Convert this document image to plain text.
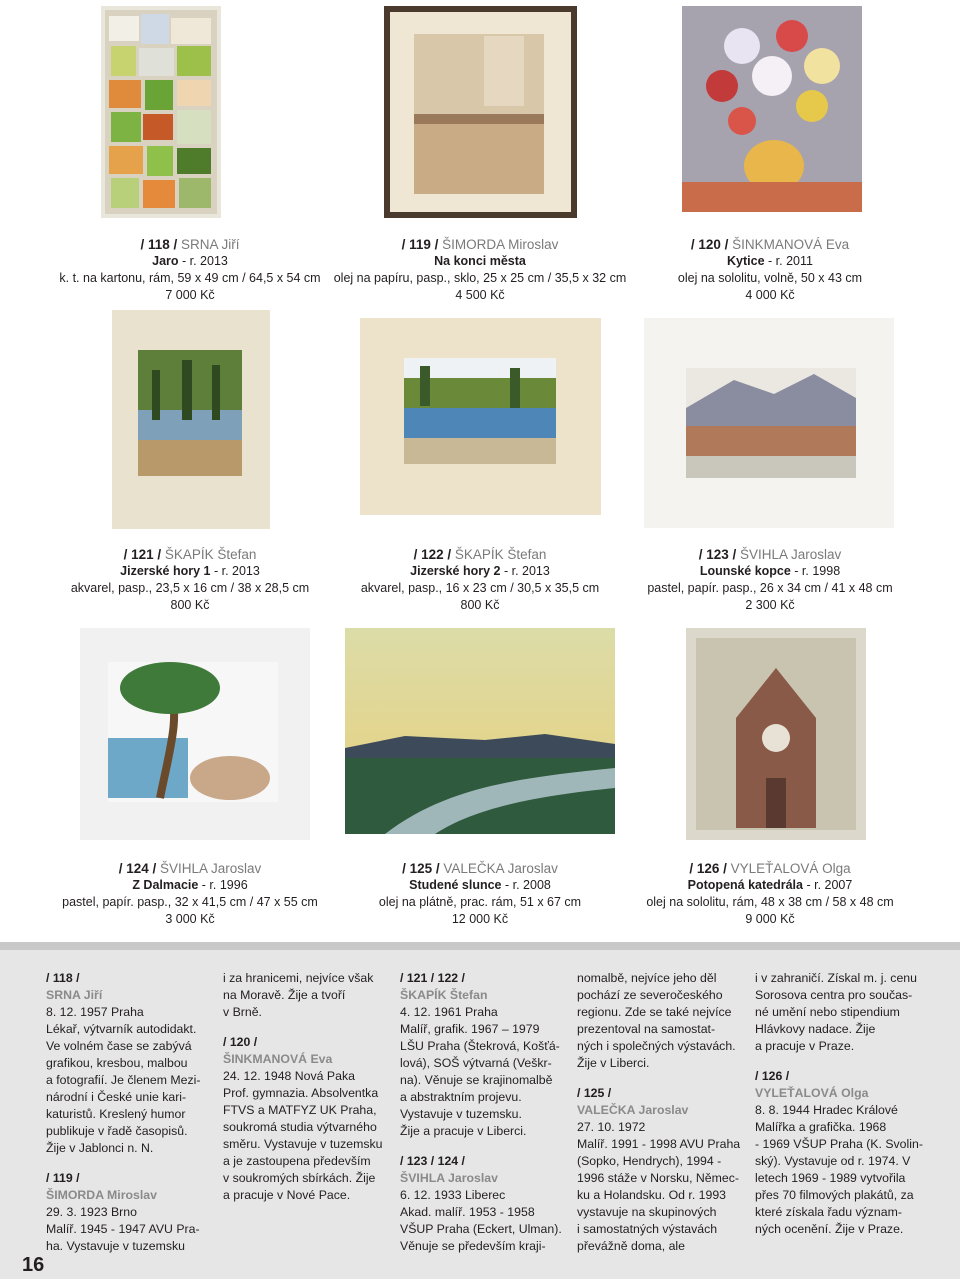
/ 118 / SRNA Jiří
Jaro - r. 2013
k. t. na kartonu, rám, 59 x 49 cm / 64,5 x 54 cm
7 000 Kč
/ 119 / ŠIMORDA Miroslav
Na konci města
olej na papíru, pasp., sklo, 25 x 25 cm / 35,5 x 32 cm
4 500 Kč
/ 120 / ŠINKMANOVÁ Eva
Kytice - r. 2011
olej na sololitu, volně, 50 x 43 cm
4 000 Kč
/ 121 / ŠKAPÍK Štefan
Jizerské hory 1 - r. 2013
akvarel, pasp., 23,5 x 16 cm / 38 x 28,5 cm
800 Kč
/ 122 / ŠKAPÍK Štefan
Jizerské hory 2 - r. 2013
akvarel, pasp., 16 x 23 cm / 30,5 x 35,5 cm
800 Kč
/ 123 / ŠVIHLA Jaroslav
Lounské kopce - r. 1998
pastel, papír. pasp., 26 x 34 cm / 41 x 48 cm
2 300 Kč
/ 124 / ŠVIHLA Jaroslav
Z Dalmacie - r. 1996
pastel, papír. pasp., 32 x 41,5 cm / 47 x 55 cm
3 000 Kč
/ 125 / VALEČKA Jaroslav
Studené slunce - r. 2008
olej na plátně, prac. rám, 51 x 67 cm
12 000 Kč
/ 126 / VYLEŤALOVÁ Olga
Potopená katedrála - r. 2007
olej na sololitu, rám, 48 x 38 cm / 58 x 48 cm
9 000 Kč

/ 118 /

SRNA Jiří

8. 12. 1957 Praha

Lékař, výtvarník autodidakt.

Ve volném čase se zabývá

grafikou, kresbou, malbou

a fotografií. Je členem Mezi-

národní i České unie kari-

katuristů. Kreslený humor

publikuje v řadě časopisů.

Žije v Jablonci n. N.

/ 119 /

ŠIMORDA Miroslav

29. 3. 1923 Brno

Malíř. 1945 - 1947 AVU Pra-

ha. Vystavuje v tuzemsku

i za hranicemi, nejvíce však

na Moravě. Žije a tvoří

v Brně.

/ 120 /

ŠINKMANOVÁ Eva

24. 12. 1948 Nová Paka

Prof. gymnazia. Absolventka

FTVS a MATFYZ UK Praha,

soukromá studia výtvarného

směru. Vystavuje v tuzemsku

a je zastoupena především

v soukromých sbírkách. Žije

a pracuje v Nové Pace.

/ 121 / 122 /

ŠKAPÍK Štefan

4. 12. 1961 Praha

Malíř, grafik. 1967 – 1979

LŠU Praha (Štekrová, Košťá-

lová), SOŠ výtvarná (Veškr-

na). Věnuje se krajinomalbě

a abstraktním projevu.

Vystavuje v tuzemsku.

Žije a pracuje v Liberci.

/ 123 / 124 /

ŠVIHLA Jaroslav

6. 12. 1933 Liberec

Akad. malíř. 1953 - 1958

VŠUP Praha (Eckert, Ulman).

Věnuje se především kraji-

nomalbě, nejvíce jeho děl

pochází ze severočeského

regionu. Zde se také nejvíce

prezentoval na samostat-

ných i společných výstavách.

Žije v Liberci.

/ 125 /

VALEČKA Jaroslav

27. 10. 1972

Malíř. 1991 - 1998 AVU Praha

(Sopko, Hendrych), 1994 -

1996 stáže v Norsku, Němec-

ku a Holandsku. Od r. 1993

vystavuje na skupinových

i samostatných výstavách

převážně doma, ale

i v zahraničí. Získal m. j. cenu

Sorosova centra pro součas-

né umění nebo stipendium

Hlávkovy nadace. Žije

a pracuje v Praze.

/ 126 /

VYLEŤALOVÁ Olga

8. 8. 1944 Hradec Králové

Malířka a grafička. 1968

- 1969 VŠUP Praha (K. Svolin-

ský). Vystavuje od r. 1974. V

letech 1969 - 1989 vytvořila

přes 70 filmových plakátů, za

které získala řadu význam-

ných ocenění. Žije v Praze.

16
